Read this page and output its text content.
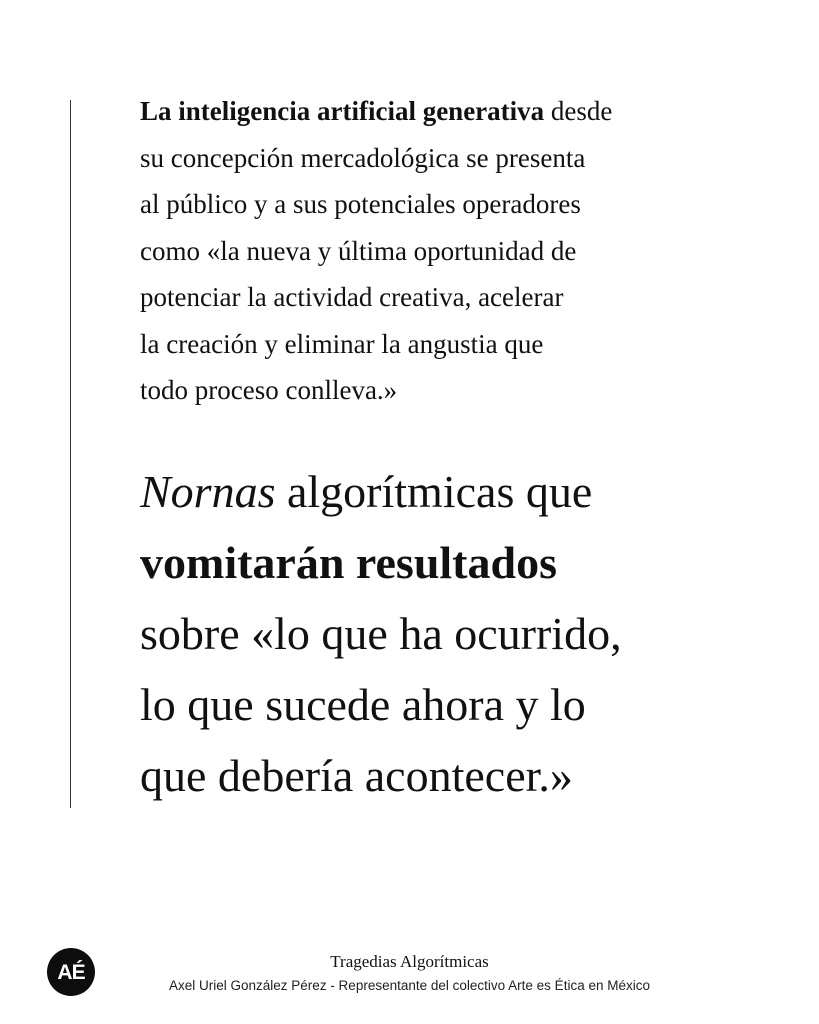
La inteligencia artificial generativa desde
su concepción mercadológica se presenta
al público y a sus potenciales operadores
como «la nueva y última oportunidad de
potenciar la actividad creativa, acelerar
la creación y eliminar la angustia que
todo proceso conlleva.»

Nornas algorítmicas que
vomitarán resultados
sobre «lo que ha ocurrido,
lo que sucede ahora y lo
que debería acontecer.»

AÉ	Tragedias Algorítmicas

Axel Uriel González Pérez - Representante del colectivo Arte es Ética en México
